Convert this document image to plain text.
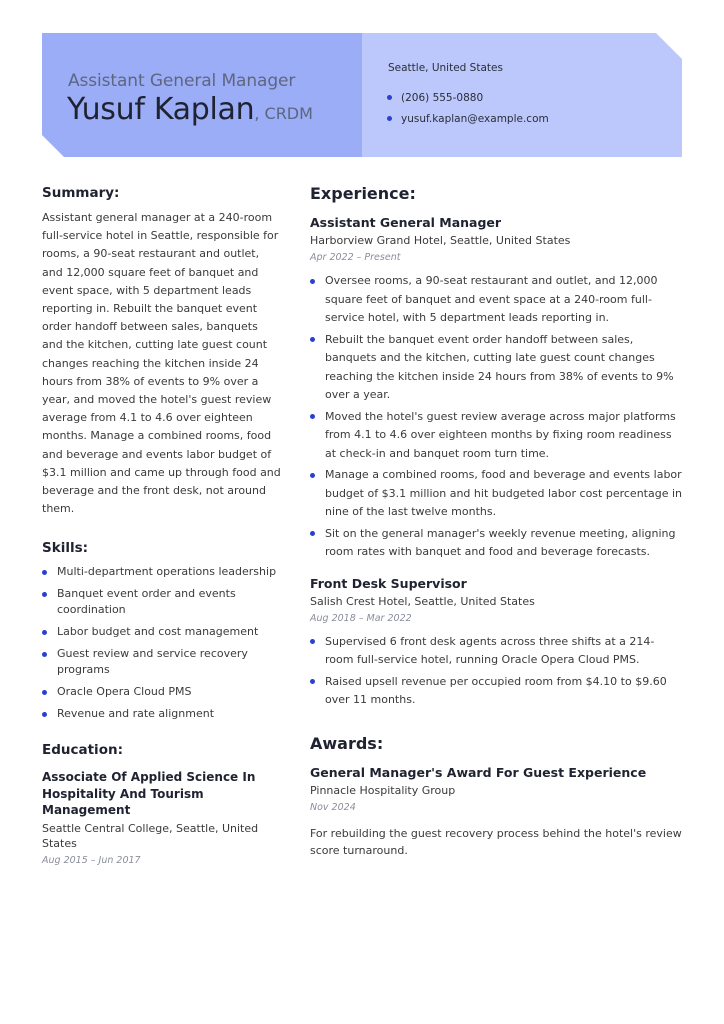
Assistant General Manager
Yusuf Kaplan, CRDM
Seattle, United States
(206) 555-0880
yusuf.kaplan@example.com
Summary:

Assistant general manager at a 240-room full-service hotel in Seattle, responsible for rooms, a 90-seat restaurant and outlet, and 12,000 square feet of banquet and event space, with 5 department leads reporting in. Rebuilt the banquet event order handoff between sales, banquets and the kitchen, cutting late guest count changes reaching the kitchen inside 24 hours from 38% of events to 9% over a year, and moved the hotel's guest review average from 4.1 to 4.6 over eighteen months. Manage a combined rooms, food and beverage and events labor budget of $3.1 million and came up through food and beverage and the front desk, not around them.

Skills:
Multi-department operations leadership
Banquet event order and events coordination
Labor budget and cost management
Guest review and service recovery programs
Oracle Opera Cloud PMS
Revenue and rate alignment
Education:
Associate Of Applied Science In Hospitality And Tourism Management
Seattle Central College, Seattle, United States
Aug 2015 – Jun 2017
Experience:
Assistant General Manager
Harborview Grand Hotel, Seattle, United States
Apr 2022 – Present
Oversee rooms, a 90-seat restaurant and outlet, and 12,000 square feet of banquet and event space at a 240-room full-service hotel, with 5 department leads reporting in.
Rebuilt the banquet event order handoff between sales, banquets and the kitchen, cutting late guest count changes reaching the kitchen inside 24 hours from 38% of events to 9% over a year.
Moved the hotel's guest review average across major platforms from 4.1 to 4.6 over eighteen months by fixing room readiness at check-in and banquet room turn time.
Manage a combined rooms, food and beverage and events labor budget of $3.1 million and hit budgeted labor cost percentage in nine of the last twelve months.
Sit on the general manager's weekly revenue meeting, aligning room rates with banquet and food and beverage forecasts.
Front Desk Supervisor
Salish Crest Hotel, Seattle, United States
Aug 2018 – Mar 2022
Supervised 6 front desk agents across three shifts at a 214-room full-service hotel, running Oracle Opera Cloud PMS.
Raised upsell revenue per occupied room from $4.10 to $9.60 over 11 months.
Awards:
General Manager's Award For Guest Experience
Pinnacle Hospitality Group
Nov 2024

For rebuilding the guest recovery process behind the hotel's review score turnaround.
